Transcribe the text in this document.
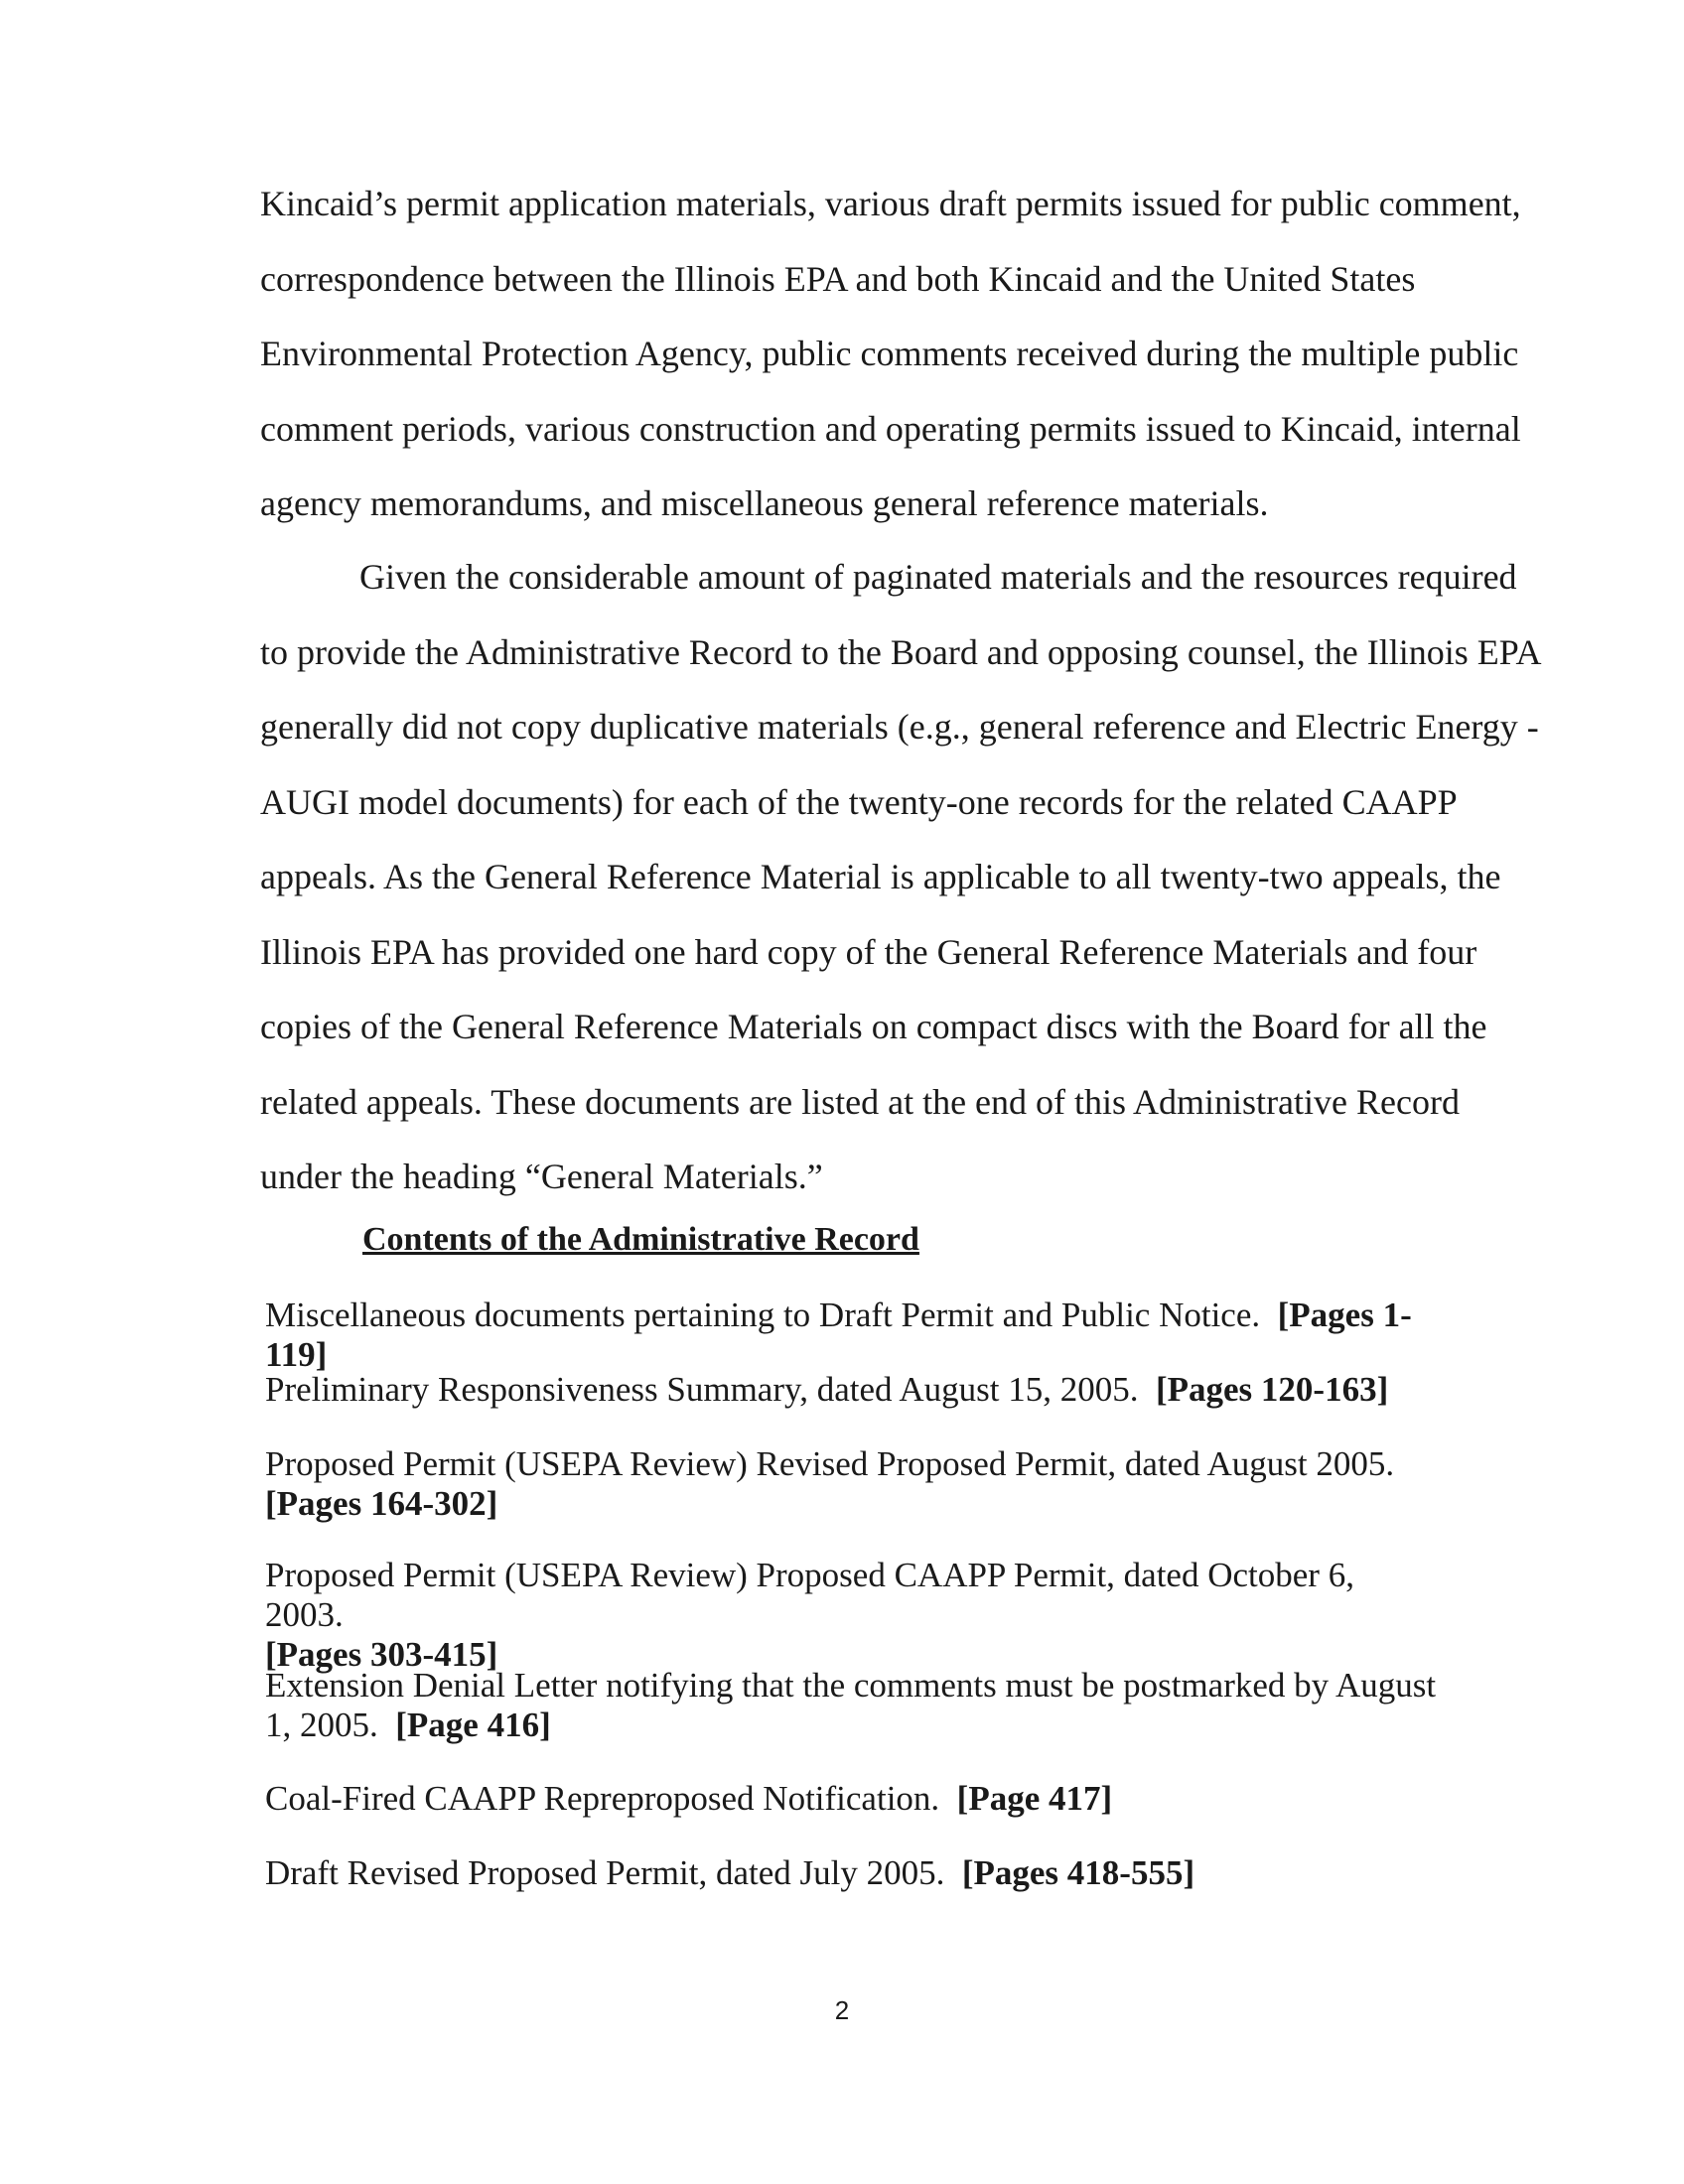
Kincaid’s permit application materials, various draft permits issued for public comment,
correspondence between the Illinois EPA and both Kincaid and the United States
Environmental Protection Agency, public comments received during the multiple public
comment periods, various construction and operating permits issued to Kincaid, internal
agency memorandums, and miscellaneous general reference materials.
Given the considerable amount of paginated materials and the resources required
to provide the Administrative Record to the Board and opposing counsel, the Illinois EPA
generally did not copy duplicative materials (e.g., general reference and Electric Energy -
AUGI model documents) for each of the twenty-one records for the related CAAPP
appeals. As the General Reference Material is applicable to all twenty-two appeals, the
Illinois EPA has provided one hard copy of the General Reference Materials and four
copies of the General Reference Materials on compact discs with the Board for all the
related appeals. These documents are listed at the end of this Administrative Record
under the heading “General Materials.”
Contents of the Administrative Record

Miscellaneous documents pertaining to Draft Permit and Public Notice. [Pages 1-119]

Preliminary Responsiveness Summary, dated August 15, 2005. [Pages 120-163]

Proposed Permit (USEPA Review) Revised Proposed Permit, dated August 2005.
[Pages 164-302]

Proposed Permit (USEPA Review) Proposed CAAPP Permit, dated October 6, 2003.
[Pages 303-415]

Extension Denial Letter notifying that the comments must be postmarked by August 1, 2005. [Page 416]

Coal-Fired CAAPP Repreproposed Notification. [Page 417]

Draft Revised Proposed Permit, dated July 2005. [Pages 418-555]

2
